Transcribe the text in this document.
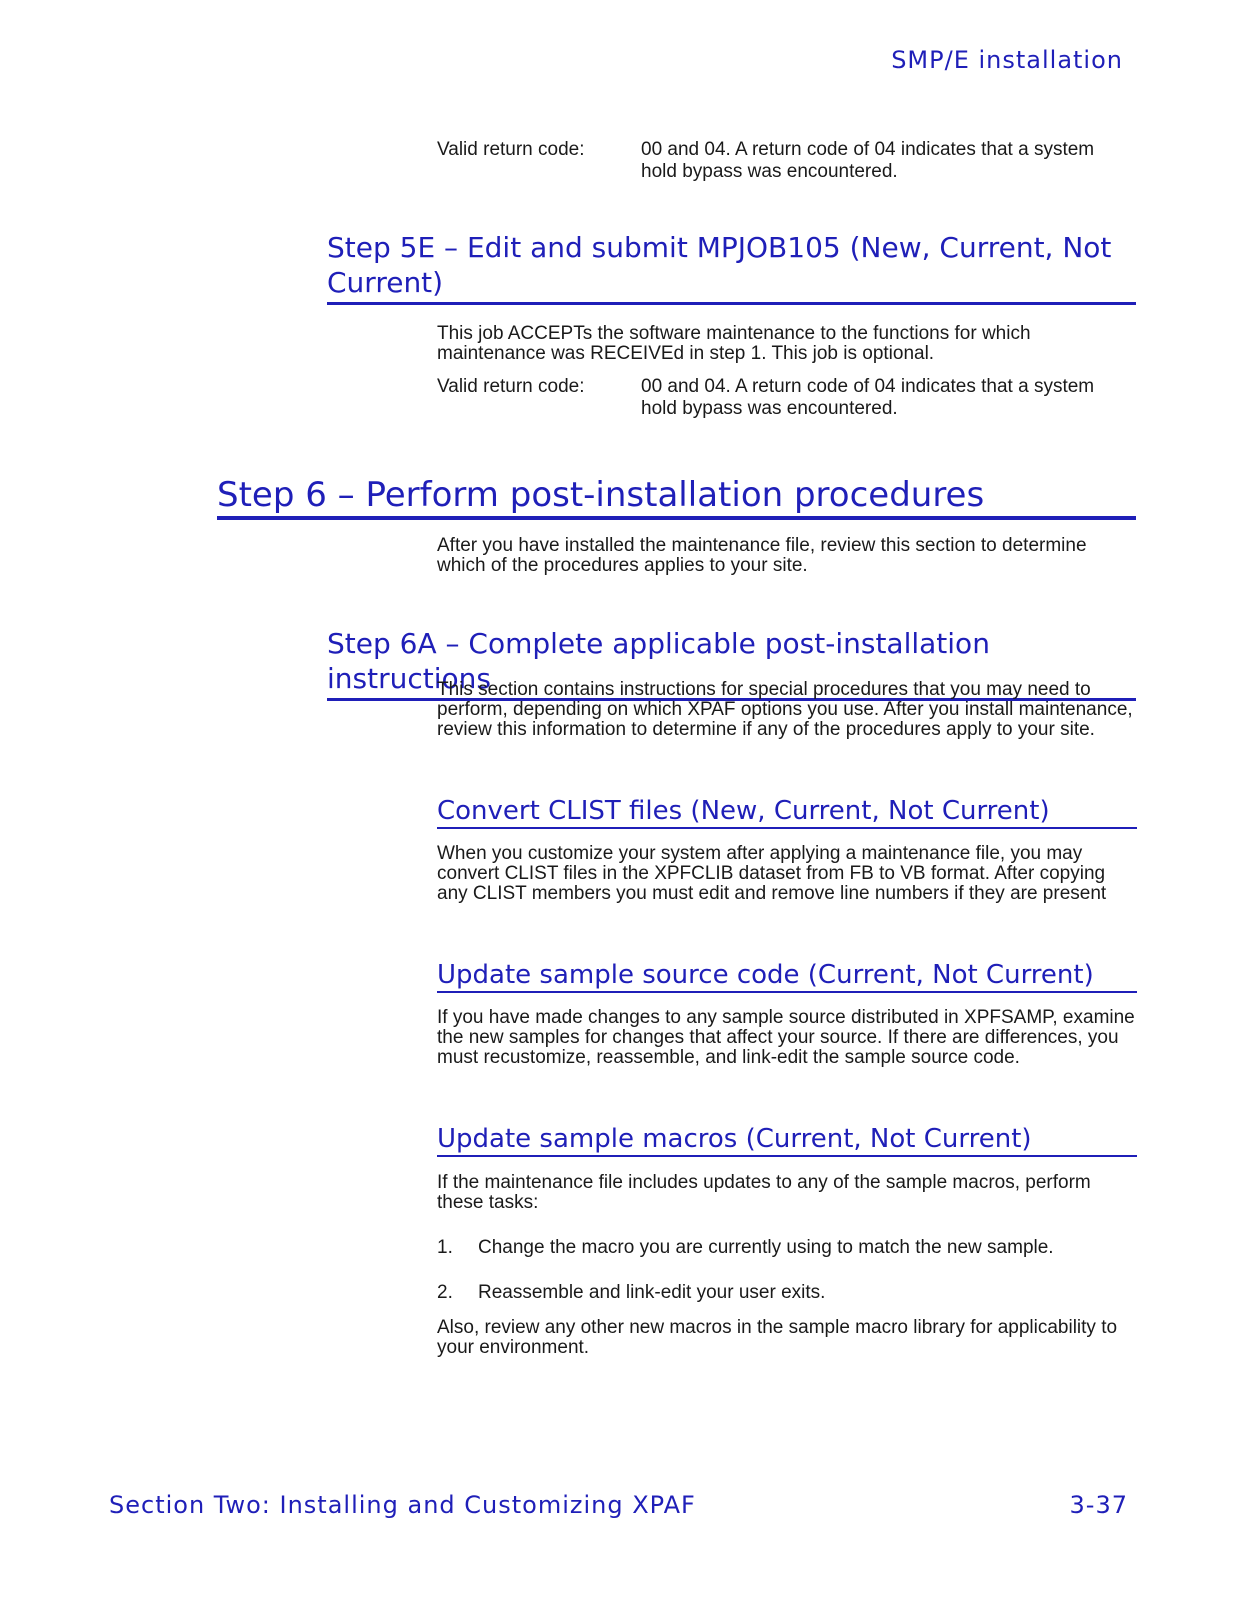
SMP/E installation
Valid return code:	00 and 04. A return code of 04 indicates that a system hold bypass was encountered.
Step 5E – Edit and submit MPJOB105 (New, Current, Not Current)

This job ACCEPTs the software maintenance to the functions for which maintenance was RECEIVEd in step 1. This job is optional.

Valid return code:	00 and 04. A return code of 04 indicates that a system hold bypass was encountered.
Step 6 – Perform post-installation procedures

After you have installed the maintenance file, review this section to determine which of the procedures applies to your site.

Step 6A – Complete applicable post-installation instructions

This section contains instructions for special procedures that you may need to perform, depending on which XPAF options you use. After you install maintenance, review this information to determine if any of the procedures apply to your site.

Convert CLIST files (New, Current, Not Current)

When you customize your system after applying a maintenance file, you may convert CLIST files in the XPFCLIB dataset from FB to VB format. After copying any CLIST members you must edit and remove line numbers if they are present

Update sample source code (Current, Not Current)

If you have made changes to any sample source distributed in XPFSAMP, examine the new samples for changes that affect your source. If there are differences, you must recustomize, reassemble, and link-edit the sample source code.

Update sample macros (Current, Not Current)

If the maintenance file includes updates to any of the sample macros, perform these tasks:

1. Change the macro you are currently using to match the new sample.
2. Reassemble and link-edit your user exits.

Also, review any other new macros in the sample macro library for applicability to your environment.

Section Two: Installing and Customizing XPAF	3-37
